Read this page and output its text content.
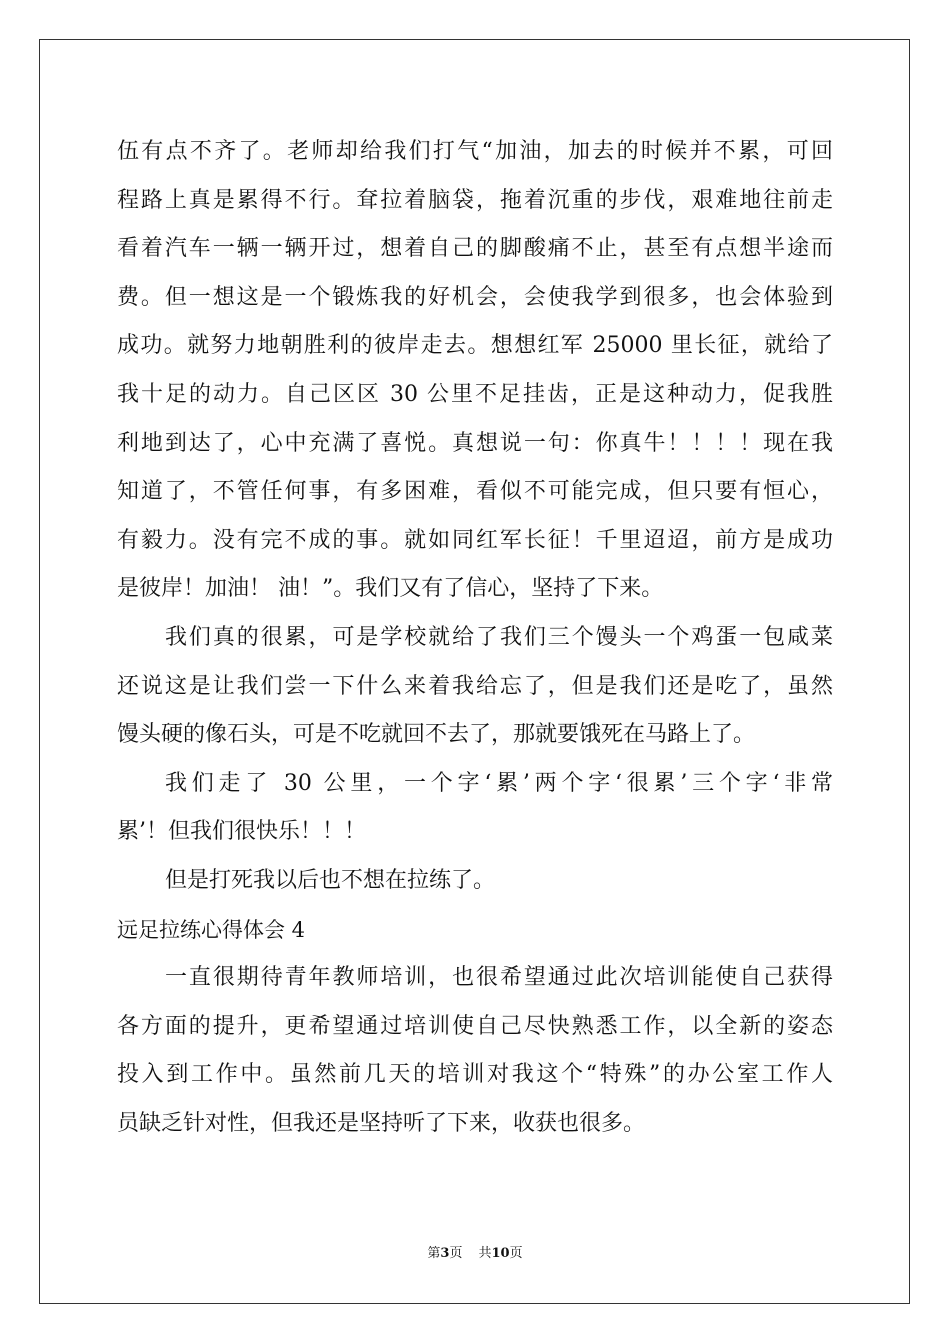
伍有点不齐了。老师却给我们打气“加油，加去的时候并不累，可回
程路上真是累得不行。耷拉着脑袋，拖着沉重的步伐，艰难地往前走
看着汽车一辆一辆开过，想着自己的脚酸痛不止，甚至有点想半途而
费。但一想这是一个锻炼我的好机会，会使我学到很多，也会体验到
成功。就努力地朝胜利的彼岸走去。想想红军 25000 里长征，就给了
我十足的动力。自己区区 30 公里不足挂齿，正是这种动力，促我胜
利地到达了，心中充满了喜悦。真想说一句：你真牛！！！！现在我
知道了，不管任何事，有多困难，看似不可能完成，但只要有恒心，
有毅力。没有完不成的事。就如同红军长征！千里迢迢，前方是成功
是彼岸！加油！ 油！”。我们又有了信心，坚持了下来。
我们真的很累，可是学校就给了我们三个馒头一个鸡蛋一包咸菜
还说这是让我们尝一下什么来着我给忘了，但是我们还是吃了，虽然
馒头硬的像石头，可是不吃就回不去了，那就要饿死在马路上了。
我们走了 30 公里，一个字‘累’两个字‘很累’三个字‘非常
累’！但我们很快乐！！！
但是打死我以后也不想在拉练了。
远足拉练心得体会 4
一直很期待青年教师培训，也很希望通过此次培训能使自己获得
各方面的提升，更希望通过培训使自己尽快熟悉工作，以全新的姿态
投入到工作中。虽然前几天的培训对我这个“特殊”的办公室工作人
员缺乏针对性，但我还是坚持听了下来，收获也很多。
第3页 共10页
